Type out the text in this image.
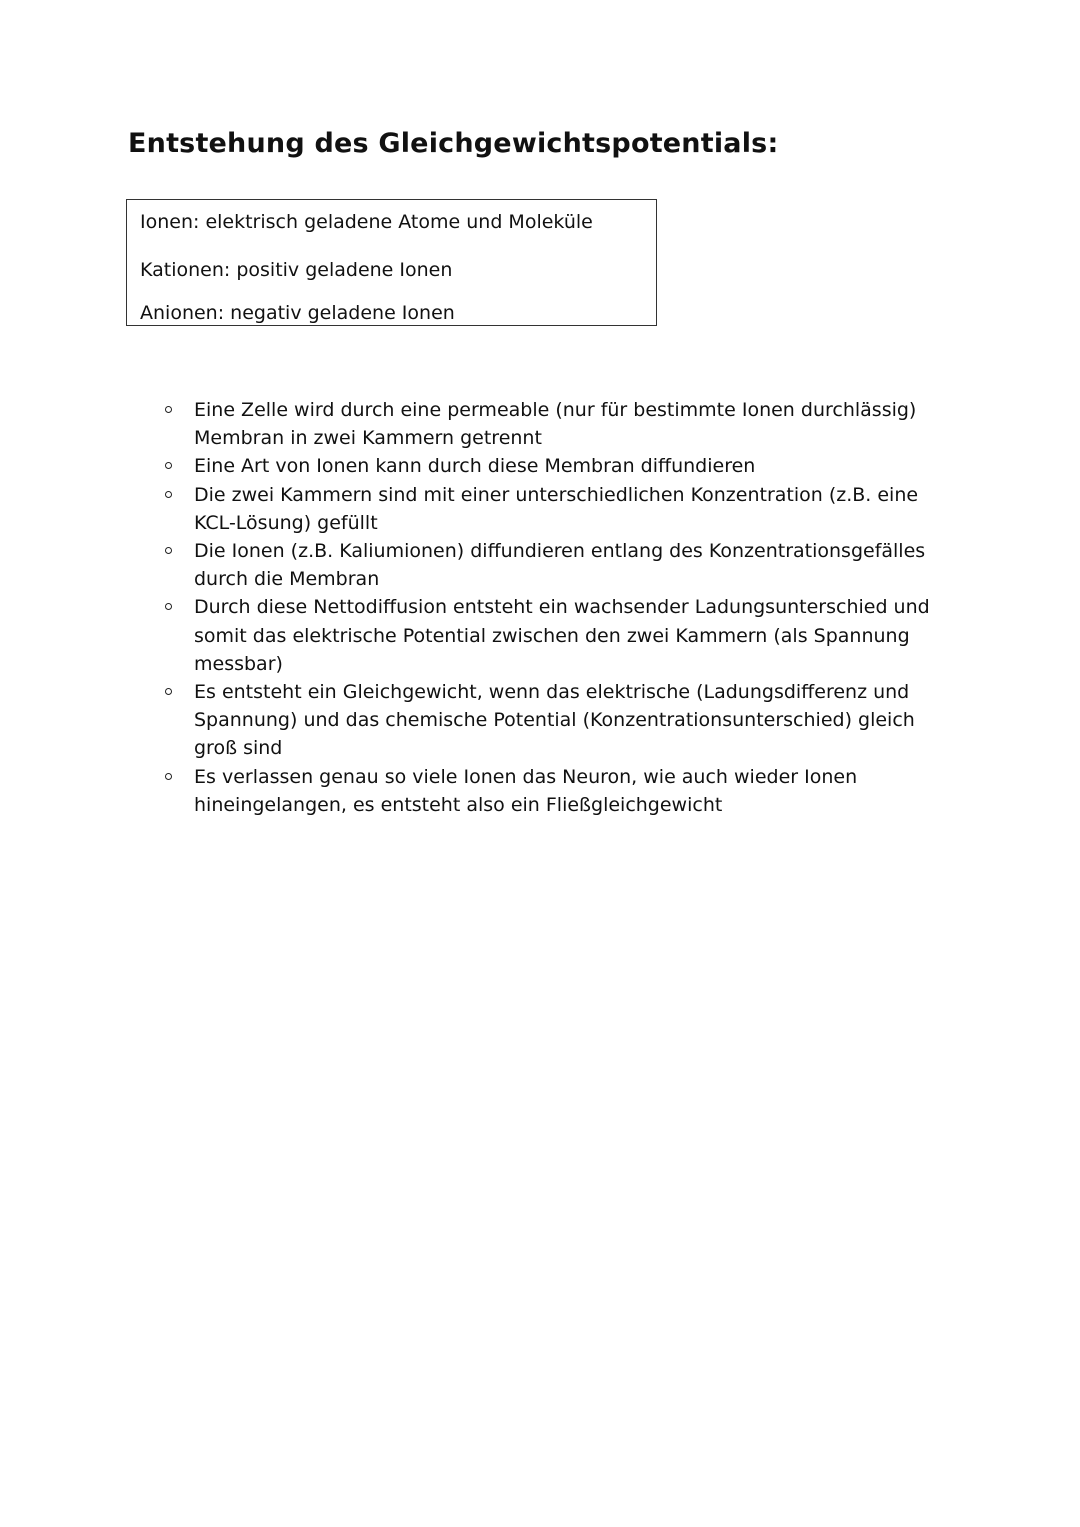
Entstehung des Gleichgewichtspotentials:
Ionen: elektrisch geladene Atome und Moleküle
Kationen: positiv geladene Ionen
Anionen: negativ geladene Ionen
Eine Zelle wird durch eine permeable (nur für bestimmte Ionen durchlässig) Membran in zwei Kammern getrennt
Eine Art von Ionen kann durch diese Membran diffundieren
Die zwei Kammern sind mit einer unterschiedlichen Konzentration (z.B. eine KCL-Lösung) gefüllt
Die Ionen (z.B. Kaliumionen) diffundieren entlang des Konzentrationsgefälles durch die Membran
Durch diese Nettodiffusion entsteht ein wachsender Ladungsunterschied und somit das elektrische Potential zwischen den zwei Kammern (als Spannung messbar)
Es entsteht ein Gleichgewicht, wenn das elektrische (Ladungsdifferenz und Spannung) und das chemische Potential (Konzentrationsunterschied) gleich groß sind
Es verlassen genau so viele Ionen das Neuron, wie auch wieder Ionen hineingelangen, es entsteht also ein Fließgleichgewicht
